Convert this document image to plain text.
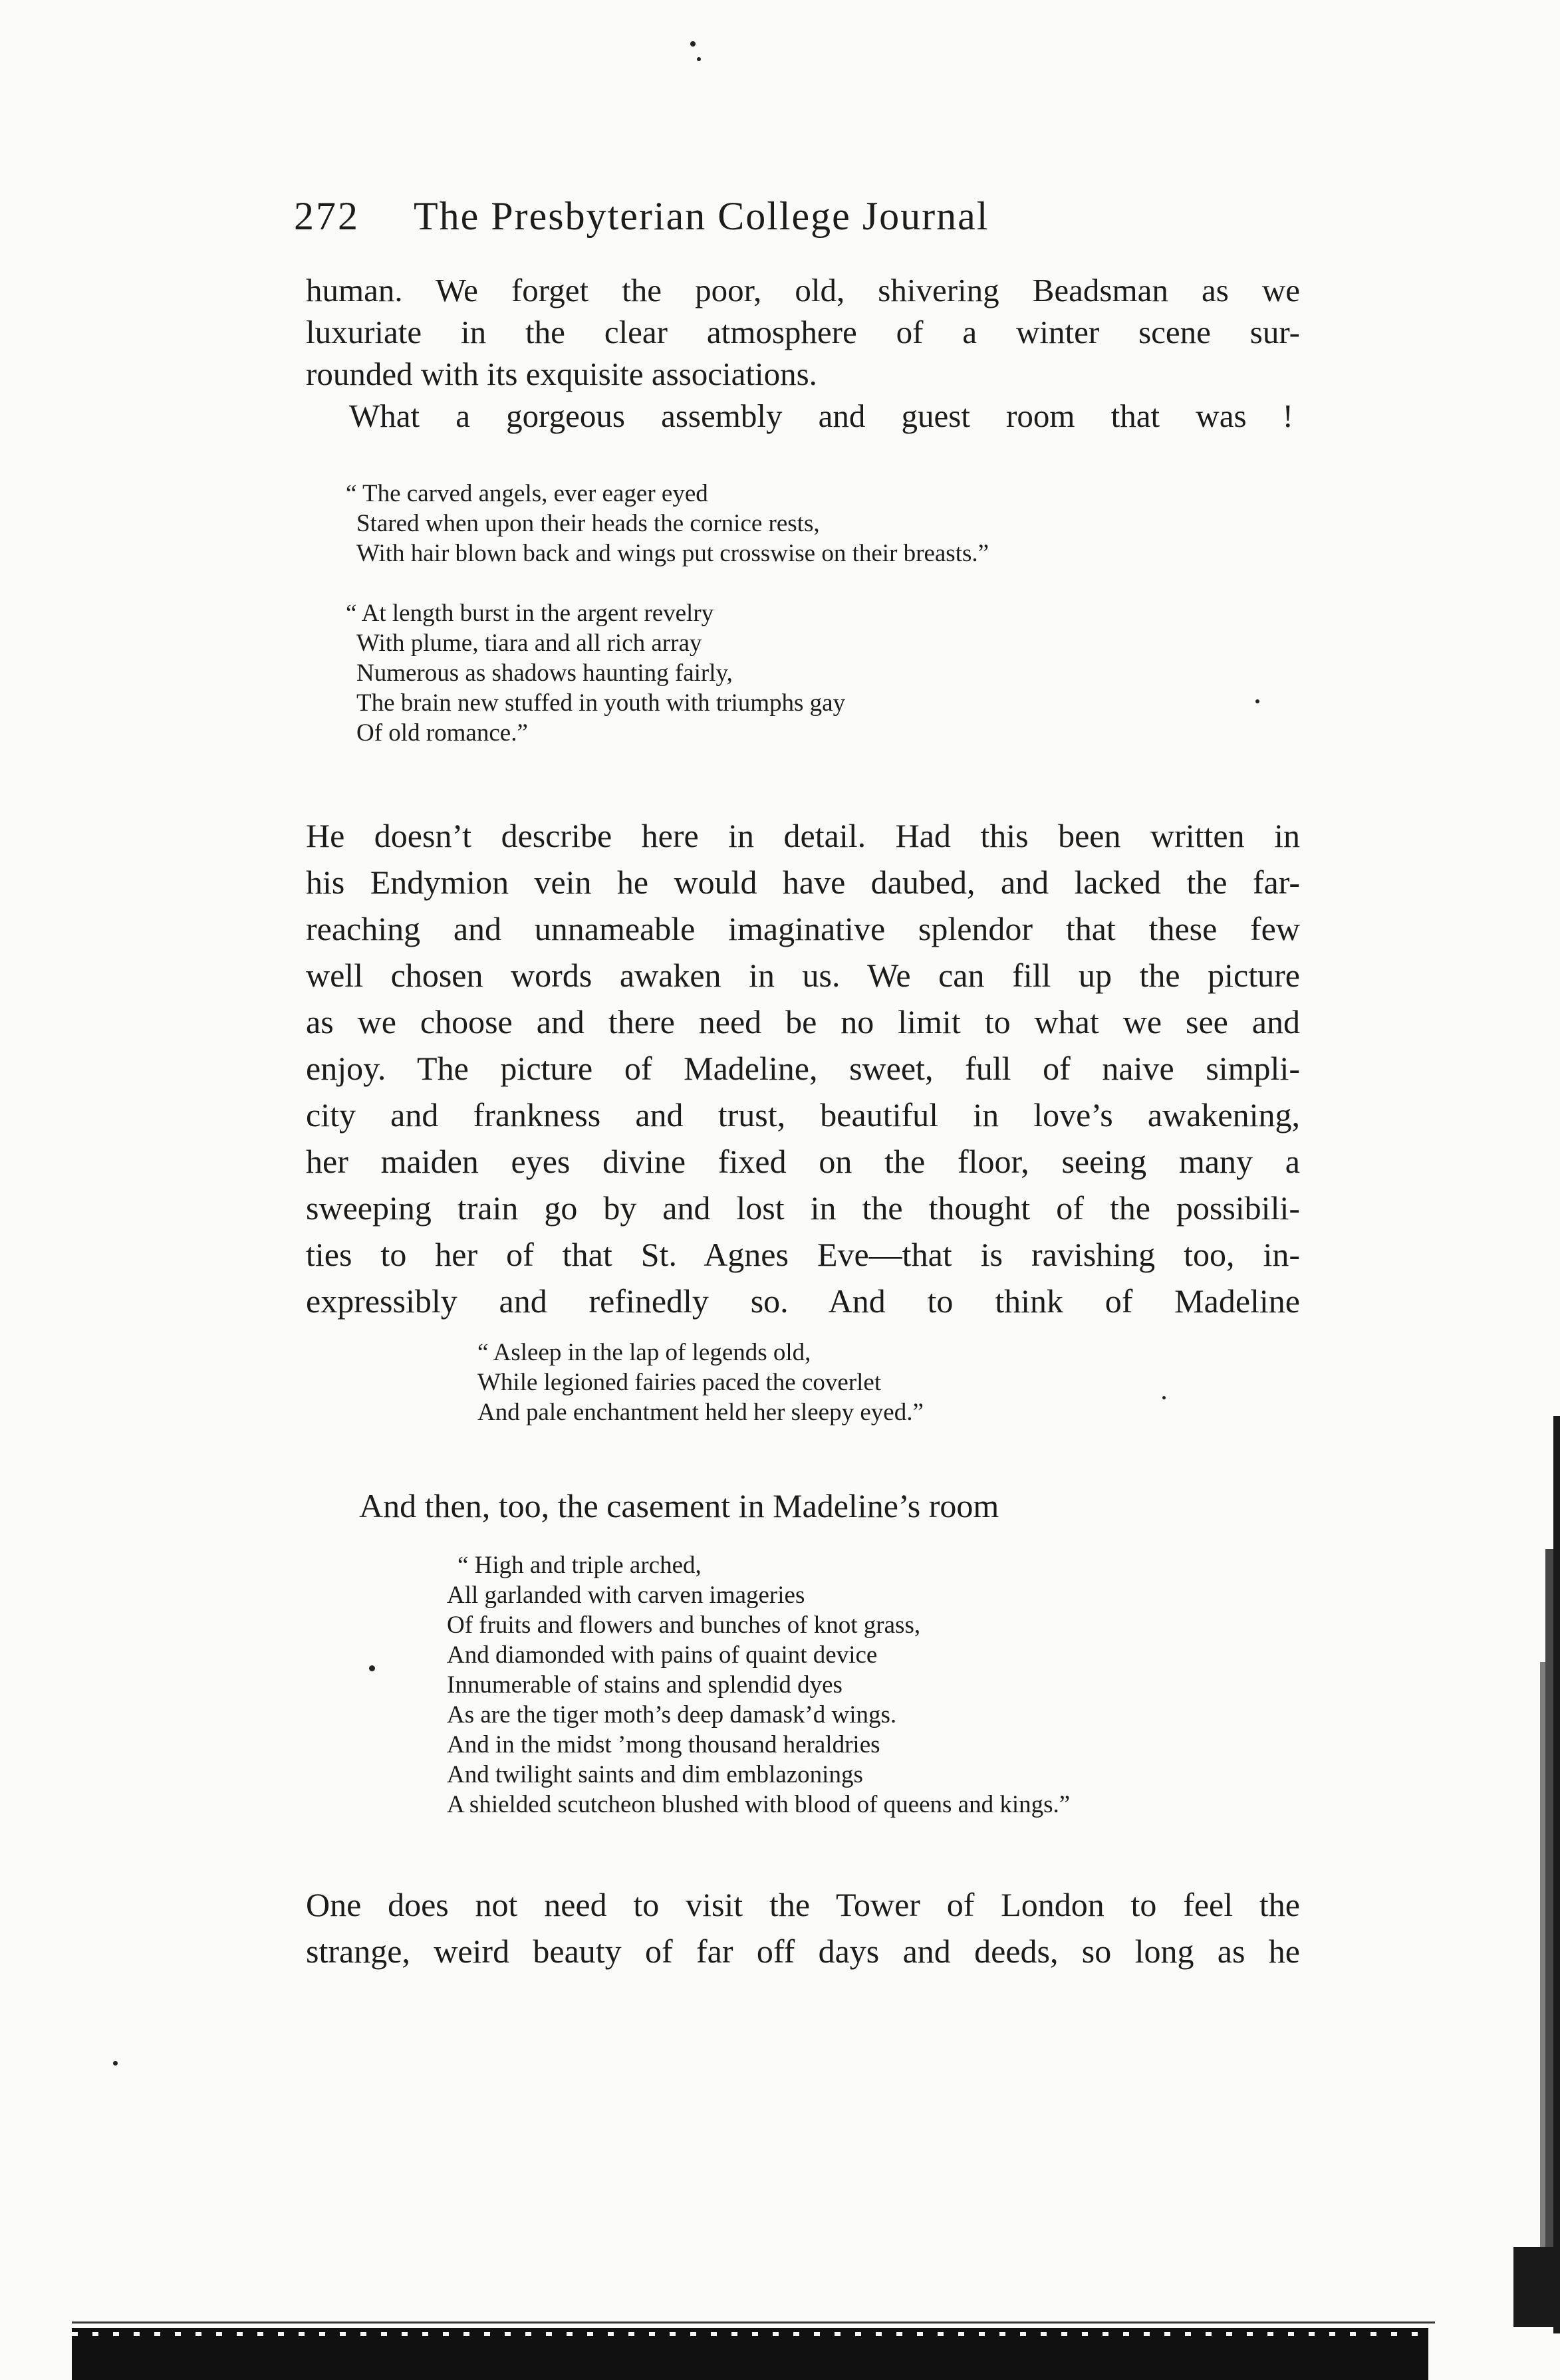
272 The Presbyterian College Journal
human. We forget the poor, old, shivering Beadsman as we
luxuriate in the clear atmosphere of a winter scene sur-
rounded with its exquisite associations.
What a gorgeous assembly and guest room that was !
“ The carved angels, ever eager eyed
Stared when upon their heads the cornice rests,
With hair blown back and wings put crosswise on their breasts.”
“ At length burst in the argent revelry
With plume, tiara and all rich array
Numerous as shadows haunting fairly,
The brain new stuffed in youth with triumphs gay
Of old romance.”
He doesn’t describe here in detail. Had this been written in
his Endymion vein he would have daubed, and lacked the far-
reaching and unnameable imaginative splendor that these few
well chosen words awaken in us. We can fill up the picture
as we choose and there need be no limit to what we see and
enjoy. The picture of Madeline, sweet, full of naive simpli-
city and frankness and trust, beautiful in love’s awakening,
her maiden eyes divine fixed on the floor, seeing many a
sweeping train go by and lost in the thought of the possibili-
ties to her of that St. Agnes Eve—that is ravishing too, in-
expressibly and refinedly so. And to think of Madeline
“ Asleep in the lap of legends old,
While legioned fairies paced the coverlet
And pale enchantment held her sleepy eyed.”
And then, too, the casement in Madeline’s room
“ High and triple arched,
All garlanded with carven imageries
Of fruits and flowers and bunches of knot grass,
And diamonded with pains of quaint device
Innumerable of stains and splendid dyes
As are the tiger moth’s deep damask’d wings.
And in the midst ’mong thousand heraldries
And twilight saints and dim emblazonings
A shielded scutcheon blushed with blood of queens and kings.”
One does not need to visit the Tower of London to feel the
strange, weird beauty of far off days and deeds, so long as he
